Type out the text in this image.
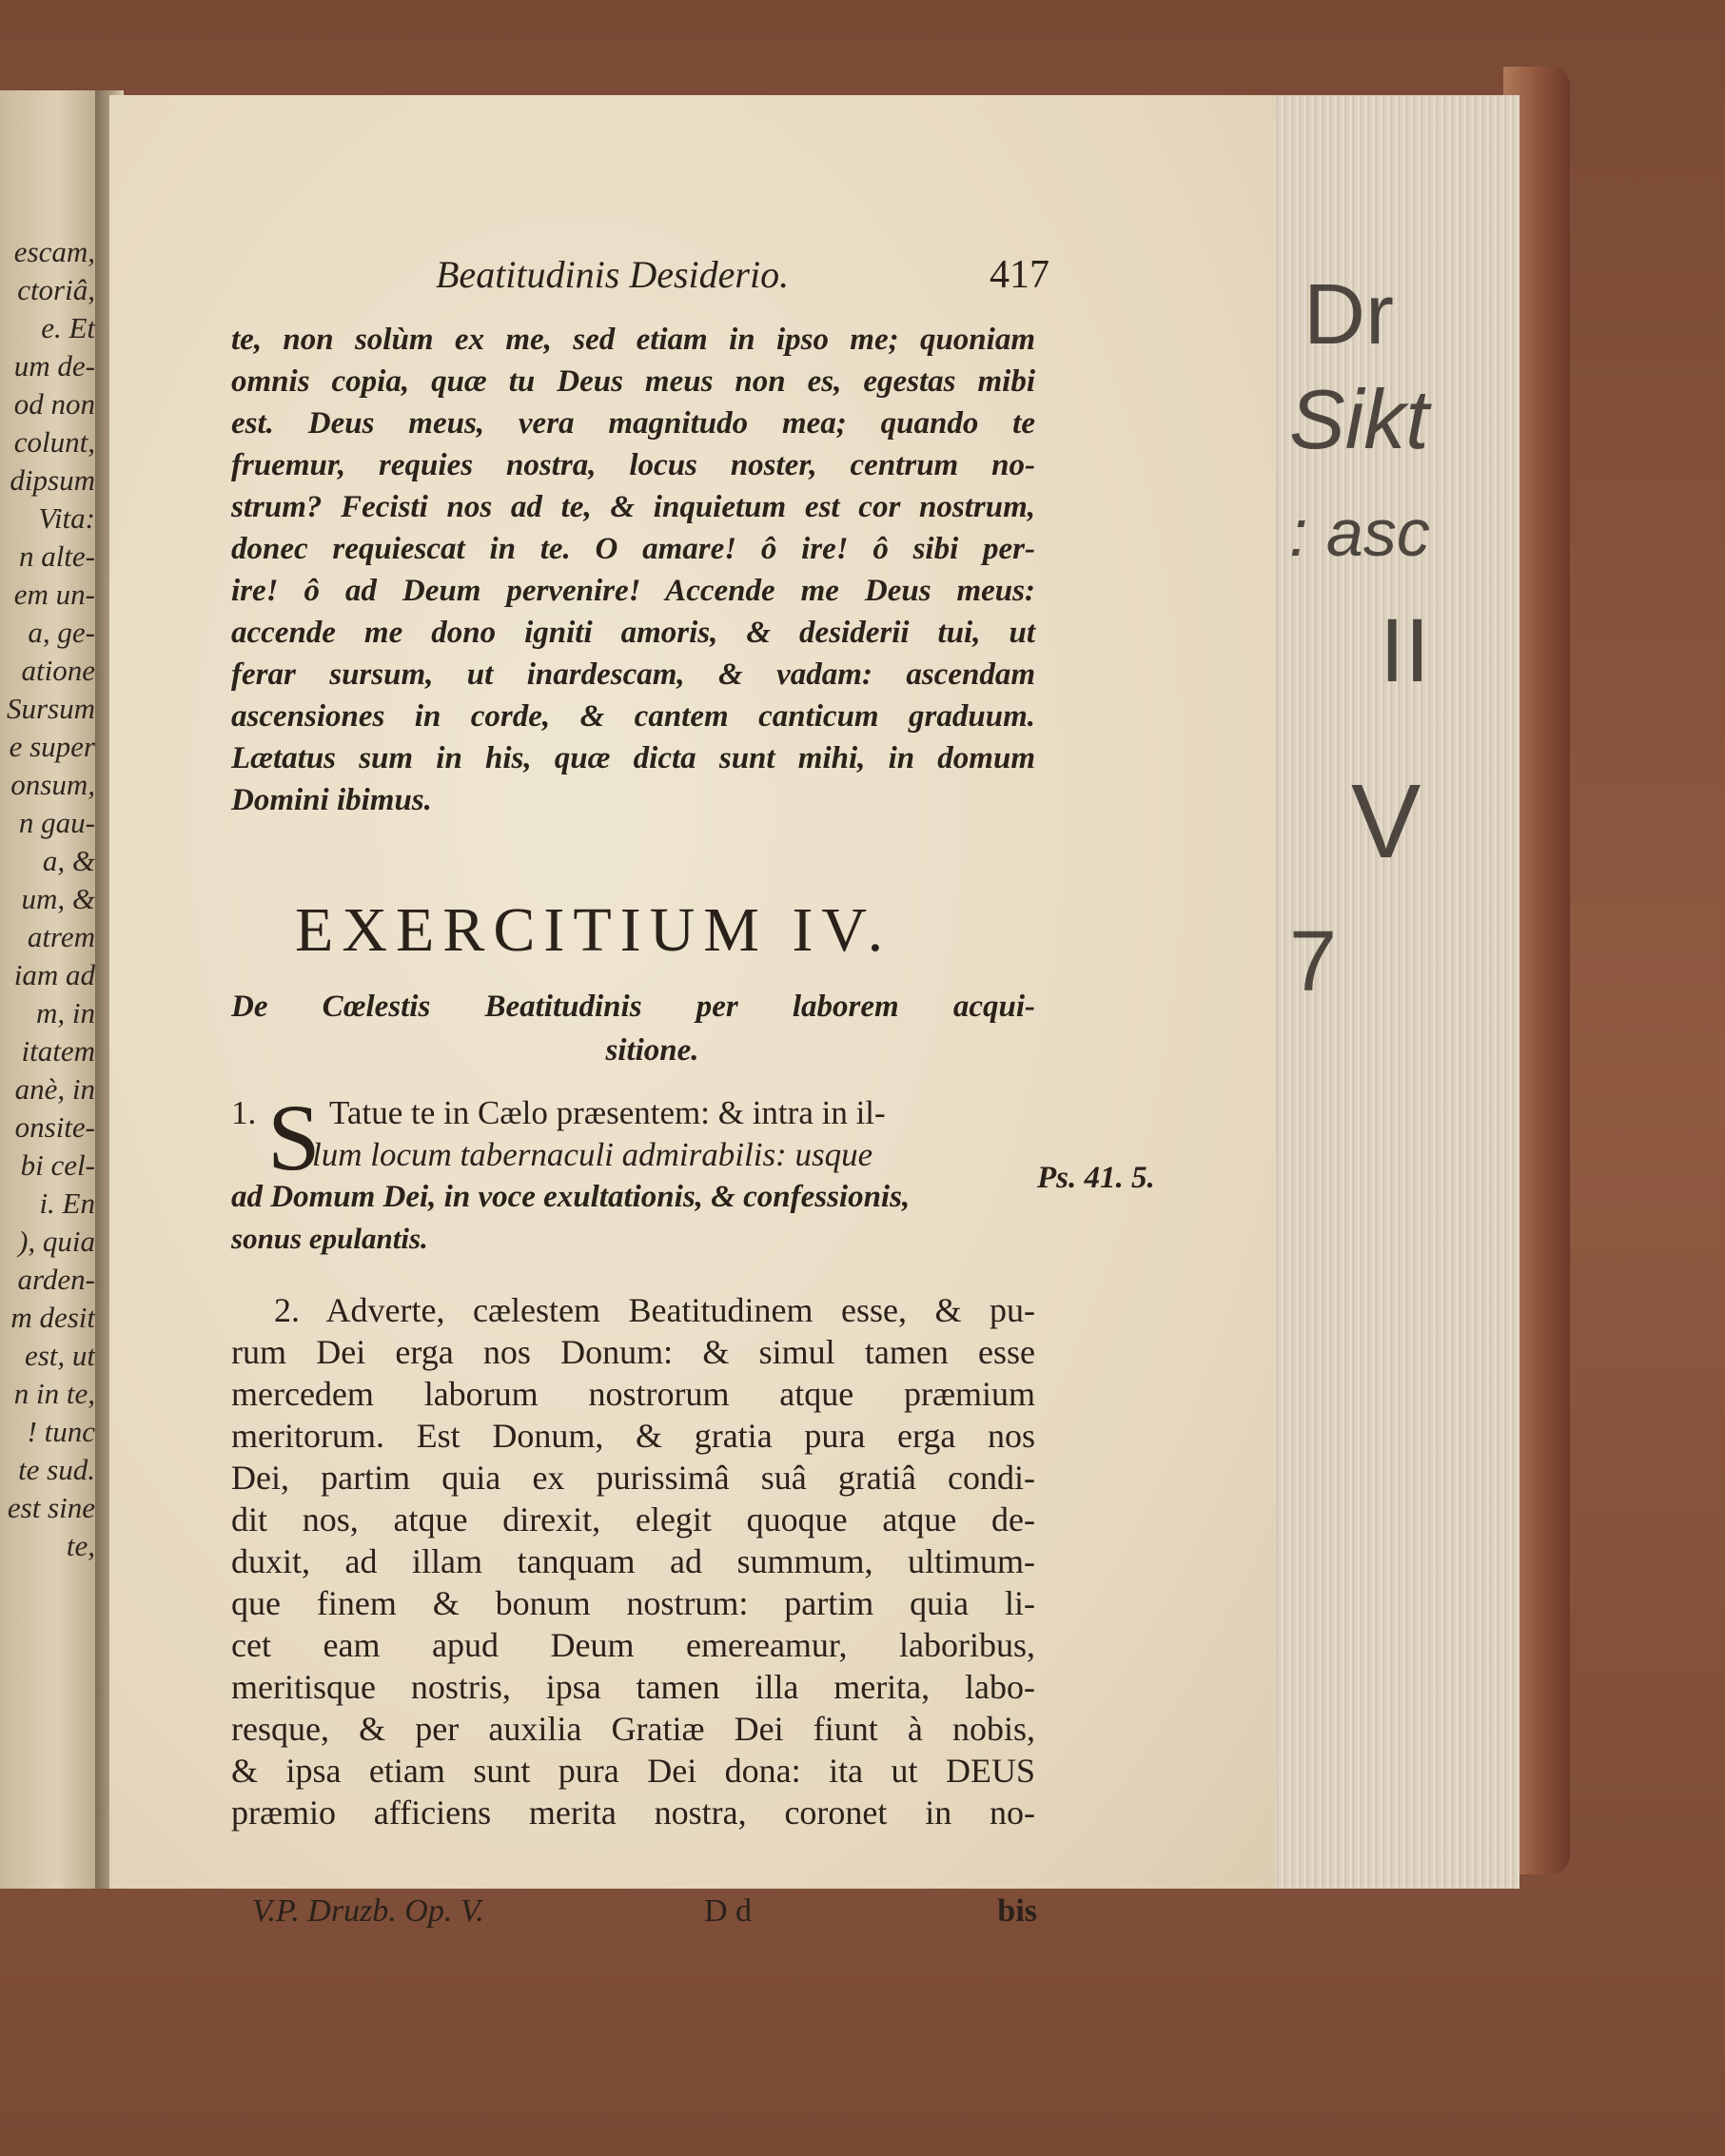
Dr
Sikt
: asc
II
V
7
escam,
ctoriâ,
e. Et
um de-
od non
colunt,
dipsum
Vita:
n alte-
em un-
a, ge-
atione
Sursum
e super
onsum,
n gau-
a, &
um, &
atrem
iam ad
m, in
itatem
anè, in
onsite-
bi cel-
i. En
), quia
arden-
m desit
est, ut
n in te,
! tunc
te sud.
est sine
te,
Beatitudinis Desiderio.	417
te, non solùm ex me, sed etiam in ipso me; quoniam
omnis copia, quæ tu Deus meus non es, egestas mibi
est. Deus meus, vera magnitudo mea; quando te
fruemur, requies nostra, locus noster, centrum no-
strum? Fecisti nos ad te, & inquietum est cor nostrum,
donec requiescat in te. O amare! ô ire! ô sibi per-
ire! ô ad Deum pervenire! Accende me Deus meus:
accende me dono igniti amoris, & desiderii tui, ut
ferar sursum, ut inardescam, & vadam: ascendam
ascensiones in corde, & cantem canticum graduum.
Lætatus sum in his, quæ dicta sunt mihi, in domum
Domini ibimus.
EXERCITIUM IV.
De Cœlestis Beatitudinis per laborem acqui-
sitione.
1. S Tatue te in Cælo præsentem: & intra in il-
lum locum tabernaculi admirabilis: usque
ad Domum Dei, in voce exultationis, & confessionis,
sonus epulantis.
Ps. 41. 5.
2. Adverte, cælestem Beatitudinem esse, & pu-
rum Dei erga nos Donum: & simul tamen esse
mercedem laborum nostrorum atque præmium
meritorum. Est Donum, & gratia pura erga nos
Dei, partim quia ex purissimâ suâ gratiâ condi-
dit nos, atque direxit, elegit quoque atque de-
duxit, ad illam tanquam ad summum, ultimum-
que finem & bonum nostrum: partim quia li-
cet eam apud Deum emereamur, laboribus,
meritisque nostris, ipsa tamen illa merita, labo-
resque, & per auxilia Gratiæ Dei fiunt à nobis,
& ipsa etiam sunt pura Dei dona: ita ut DEUS
præmio afficiens merita nostra, coronet in no-
V.P. Druzb. Op. V.	D d	bis
